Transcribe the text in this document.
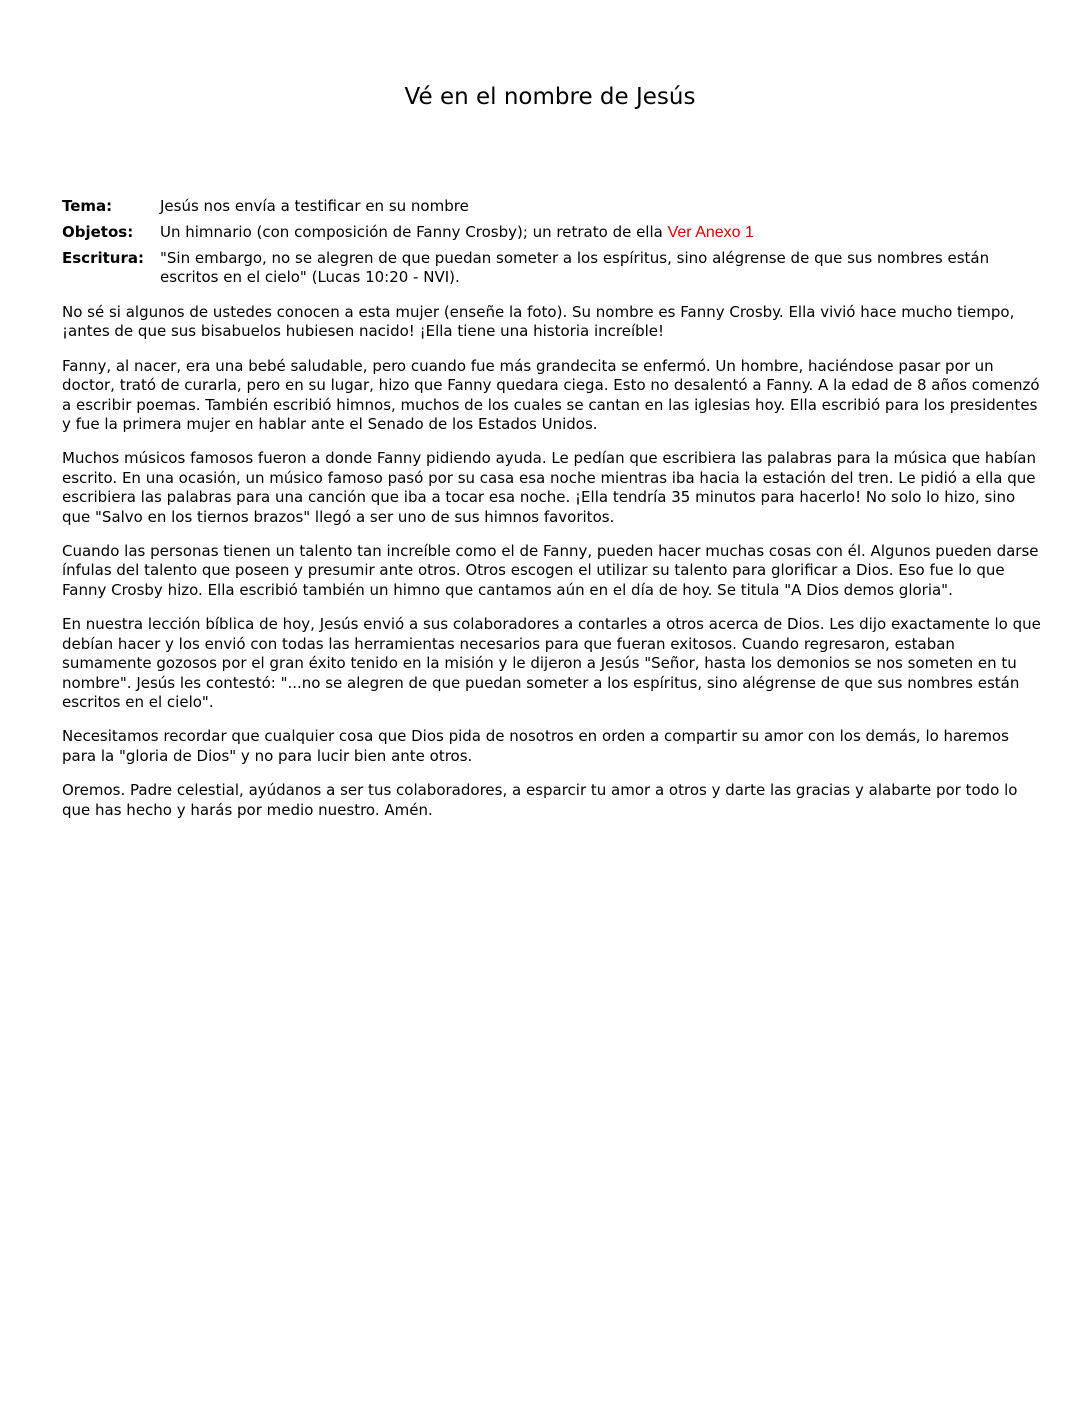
Vé en el nombre de Jesús
Tema:	Jesús nos envía a testificar en su nombre
Objetos:	Un himnario (con composición de Fanny Crosby); un retrato de ella Ver Anexo 1
Escritura:	"Sin embargo, no se alegren de que puedan someter a los espíritus, sino alégrense de que sus nombres están escritos en el cielo" (Lucas 10:20 - NVI).

No sé si algunos de ustedes conocen a esta mujer (enseñe la foto). Su nombre es Fanny Crosby. Ella vivió hace mucho tiempo, ¡antes de que sus bisabuelos hubiesen nacido! ¡Ella tiene una historia increíble!

Fanny, al nacer, era una bebé saludable, pero cuando fue más grandecita se enfermó. Un hombre, haciéndose pasar por un doctor, trató de curarla, pero en su lugar, hizo que Fanny quedara ciega. Esto no desalentó a Fanny. A la edad de 8 años comenzó a escribir poemas. También escribió himnos, muchos de los cuales se cantan en las iglesias hoy. Ella escribió para los presidentes y fue la primera mujer en hablar ante el Senado de los Estados Unidos.

Muchos músicos famosos fueron a donde Fanny pidiendo ayuda. Le pedían que escribiera las palabras para la música que habían escrito. En una ocasión, un músico famoso pasó por su casa esa noche mientras iba hacia la estación del tren. Le pidió a ella que escribiera las palabras para una canción que iba a tocar esa noche. ¡Ella tendría 35 minutos para hacerlo! No solo lo hizo, sino que "Salvo en los tiernos brazos" llegó a ser uno de sus himnos favoritos.

Cuando las personas tienen un talento tan increíble como el de Fanny, pueden hacer muchas cosas con él. Algunos pueden darse ínfulas del talento que poseen y presumir ante otros. Otros escogen el utilizar su talento para glorificar a Dios. Eso fue lo que Fanny Crosby hizo. Ella escribió también un himno que cantamos aún en el día de hoy. Se titula "A Dios demos gloria".

En nuestra lección bíblica de hoy, Jesús envió a sus colaboradores a contarles a otros acerca de Dios. Les dijo exactamente lo que debían hacer y los envió con todas las herramientas necesarios para que fueran exitosos. Cuando regresaron, estaban sumamente gozosos por el gran éxito tenido en la misión y le dijeron a Jesús "Señor, hasta los demonios se nos someten en tu nombre". Jesús les contestó: "...no se alegren de que puedan someter a los espíritus, sino alégrense de que sus nombres están escritos en el cielo".

Necesitamos recordar que cualquier cosa que Dios pida de nosotros en orden a compartir su amor con los demás, lo haremos para la "gloria de Dios" y no para lucir bien ante otros.

Oremos. Padre celestial, ayúdanos a ser tus colaboradores, a esparcir tu amor a otros y darte las gracias y alabarte por todo lo que has hecho y harás por medio nuestro. Amén.
